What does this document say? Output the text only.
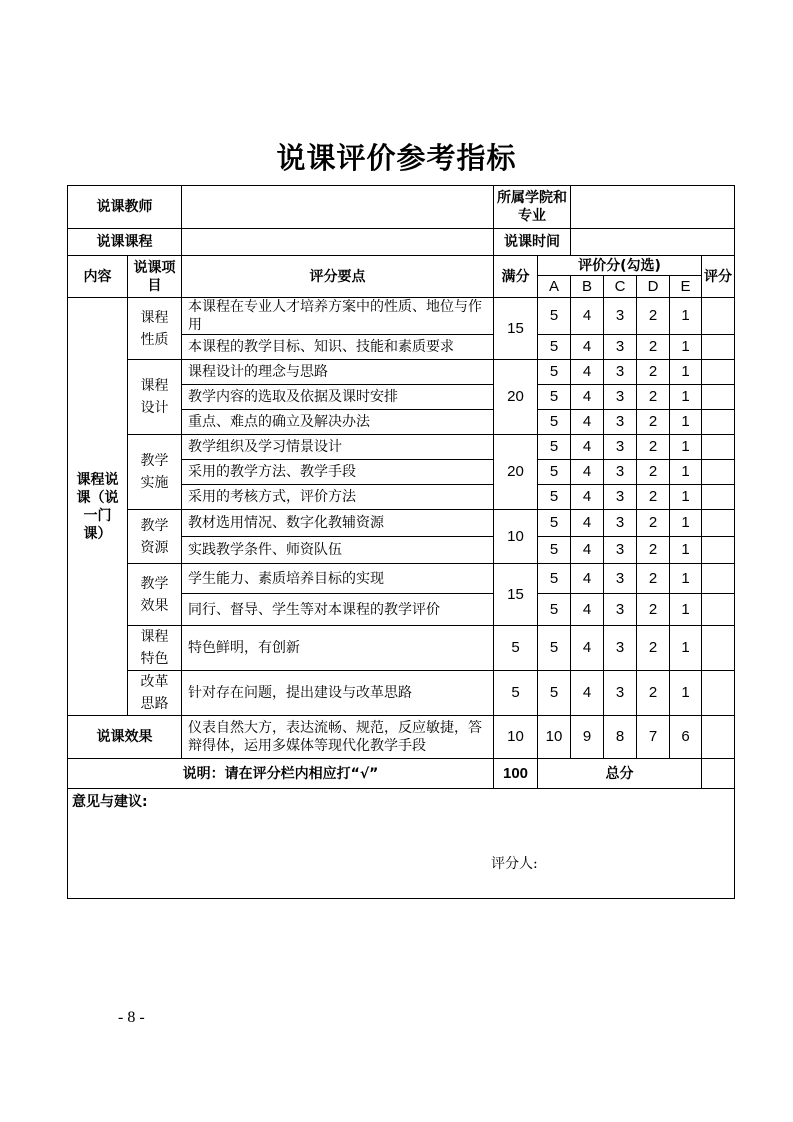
说课评价参考指标
说课教师			所属学院和专业						
说课课程			说课时间						
内容	说课项目	评分要点	满分	评价分(勾选)					评分
				A	B	C	D	E	
课程说课（说一门课）	课程性质	本课程在专业人才培养方案中的性质、地位与作用	15	5	4	3	2	1	
		本课程的教学目标、知识、技能和素质要求		5	4	3	2	1	
	课程设计	课程设计的理念与思路	20	5	4	3	2	1	
		教学内容的选取及依据及课时安排		5	4	3	2	1	
		重点、难点的确立及解决办法		5	4	3	2	1	
	教学实施	教学组织及学习情景设计	20	5	4	3	2	1	
		采用的教学方法、教学手段		5	4	3	2	1	
		采用的考核方式，评价方法		5	4	3	2	1	
	教学资源	教材选用情况、数字化教辅资源	10	5	4	3	2	1	
		实践教学条件、师资队伍		5	4	3	2	1	
	教学效果	学生能力、素质培养目标的实现	15	5	4	3	2	1	
		同行、督导、学生等对本课程的教学评价		5	4	3	2	1	
	课程特色	特色鲜明，有创新	5	5	4	3	2	1	
	改革思路	针对存在问题，提出建设与改革思路	5	5	4	3	2	1	
说课效果		仪表自然大方，表达流畅、规范，反应敏捷，答辩得体，运用多媒体等现代化教学手段	10	10	9	8	7	6	
说明：请在评分栏内相应打“√”			100	总分					

意见与建议:
评分人:									
- 8 -
